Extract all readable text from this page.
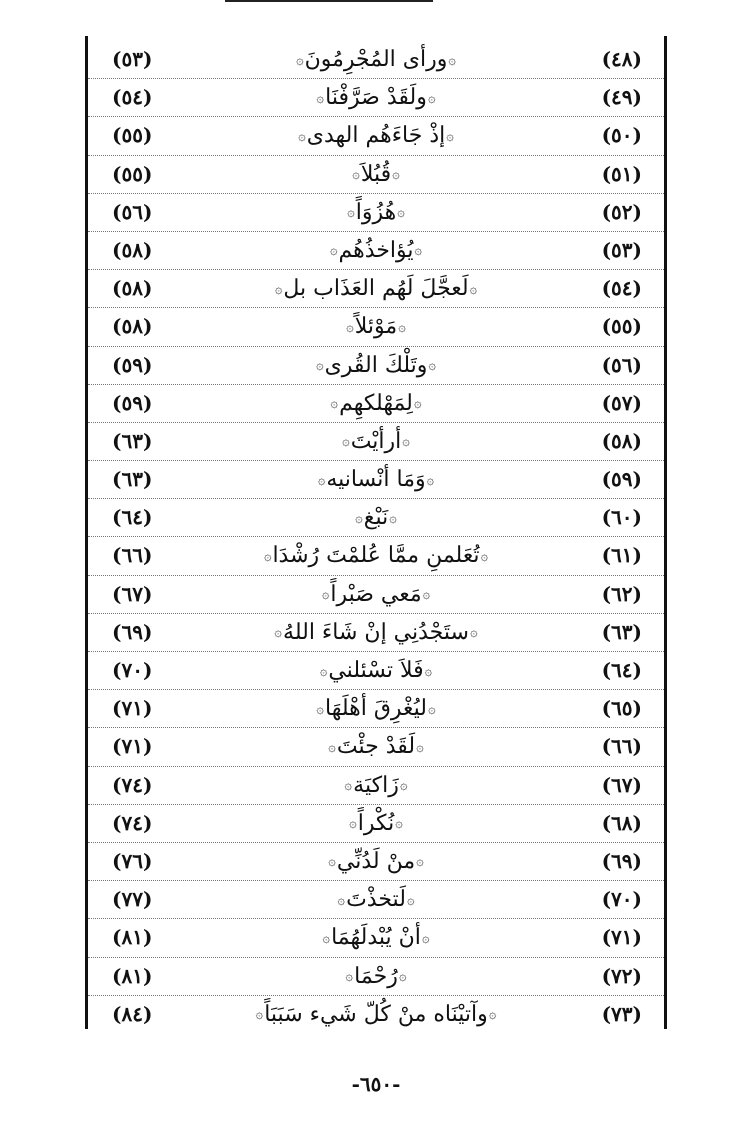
(٤٨)
۞ورأى المُجْرِمُونَ۞
(٥٣)
(٤٩)
۞ولَقَدْ صَرَّفْنَا۞
(٥٤)
(٥٠)
۞إذْ جَاءَهُم الهدى۞
(٥٥)
(٥١)
۞قُبُلاَ۞
(٥٥)
(٥٢)
۞هُزُوَاً۞
(٥٦)
(٥٣)
۞يُؤاخذُهُم۞
(٥٨)
(٥٤)
۞لَعجَّلَ لَهُم العَذَاب بل۞
(٥٨)
(٥٥)
۞مَوْئلاً۞
(٥٨)
(٥٦)
۞وتَلْكَ القُرى۞
(٥٩)
(٥٧)
۞لِمَهْلكهِم۞
(٥٩)
(٥٨)
۞أرأيْتَ۞
(٦٣)
(٥٩)
۞وَمَا أنْسانيه۞
(٦٣)
(٦٠)
۞نَبْغ۞
(٦٤)
(٦١)
۞تُعَلمنِ ممَّا عُلمْتَ رُشْدَا۞
(٦٦)
(٦٢)
۞مَعي صَبْراً۞
(٦٧)
(٦٣)
۞ستَجْدُنِي إنْ شَاءَ اللهُ۞
(٦٩)
(٦٤)
۞فَلاَ تسْئلني۞
(٧٠)
(٦٥)
۞ليُغْرِقَ أهْلَهَا۞
(٧١)
(٦٦)
۞لَقَدْ جئْتَ۞
(٧١)
(٦٧)
۞زَاكيَة۞
(٧٤)
(٦٨)
۞نُكْراً۞
(٧٤)
(٦٩)
۞منْ لَدُنِّي۞
(٧٦)
(٧٠)
۞لَتخذْتَ۞
(٧٧)
(٧١)
۞أنْ يُبْدلَهُمَا۞
(٨١)
(٧٢)
۞رُحْمَا۞
(٨١)
(٧٣)
۞وآتيْنَاه منْ كُلّ شَيء سَبَبَاً۞
(٨٤)
-٦٥٠-
